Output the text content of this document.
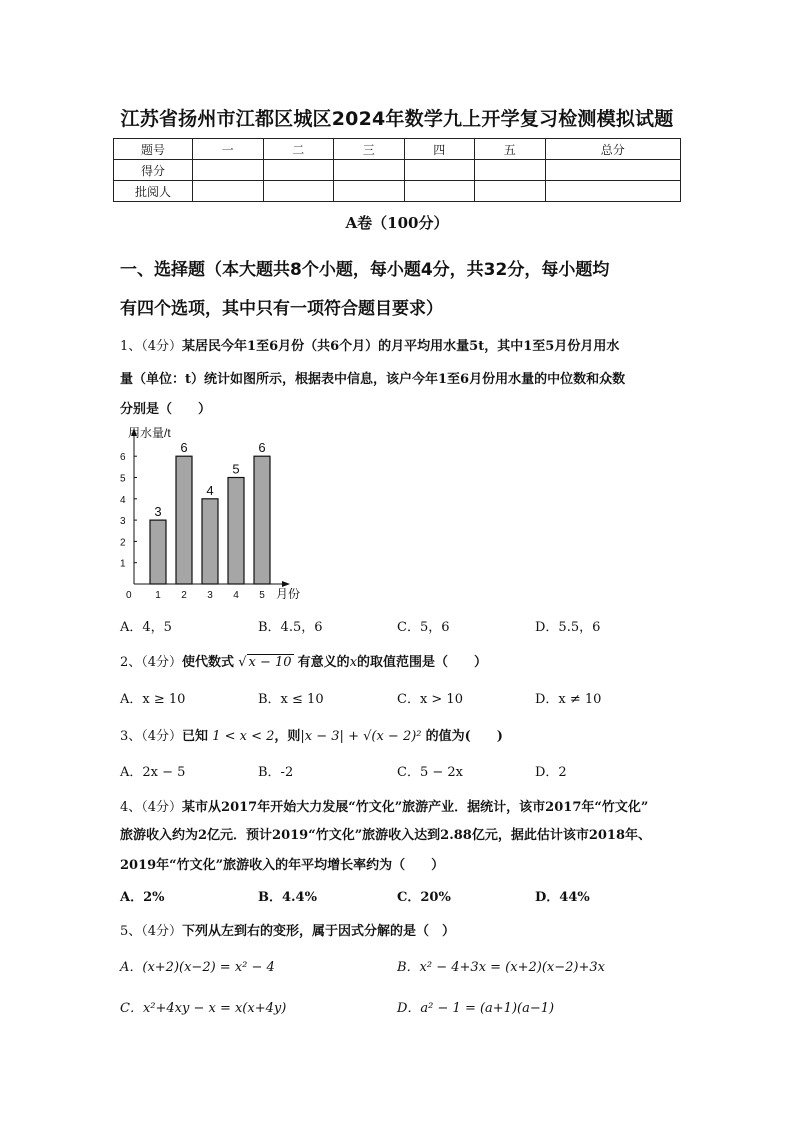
江苏省扬州市江都区城区2024年数学九上开学复习检测模拟试题
题号	一	二	三	四	五	总分
得分						
批阅人						
A卷（100分）
一、选择题（本大题共8个小题，每小题4分，共32分，每小题均
有四个选项，其中只有一项符合题目要求）
1、（4分）某居民今年1至6月份（共6个月）的月平均用水量5t，其中1至5月份月用水
量（单位：t）统计如图所示，根据表中信息，该户今年1至6月份用水量的中位数和众数
分别是（　　）
用水量/t
月份
0
1
2
3
4
5
6
3
1
6
2
4
3
5
4
6
5
A．4，5	B．4.5，6	C．5，6	D．5.5，6
2、（4分）使代数式 √ x − 10 有意义的x的取值范围是（　　）
A．x ≥ 10	B．x ≤ 10	C．x > 10	D．x ≠ 10
3、（4分）已知 1 < x < 2，则|x − 3| + √(x − 2)² 的值为(　　)
A．2x − 5	B．-2	C．5 − 2x	D．2
4、（4分）某市从2017年开始大力发展“竹文化”旅游产业．据统计，该市2017年“竹文化”
旅游收入约为2亿元．预计2019“竹文化”旅游收入达到2.88亿元，据此估计该市2018年、
2019年“竹文化”旅游收入的年平均增长率约为（　　）
A．2%	B．4.4%	C．20%	D．44%
5、（4分）下列从左到右的变形，属于因式分解的是（　）
A．(x+2)(x−2) = x² − 4	B．x² − 4+3x = (x+2)(x−2)+3x
C．x²+4xy − x = x(x+4y)	D．a² − 1 = (a+1)(a−1)
